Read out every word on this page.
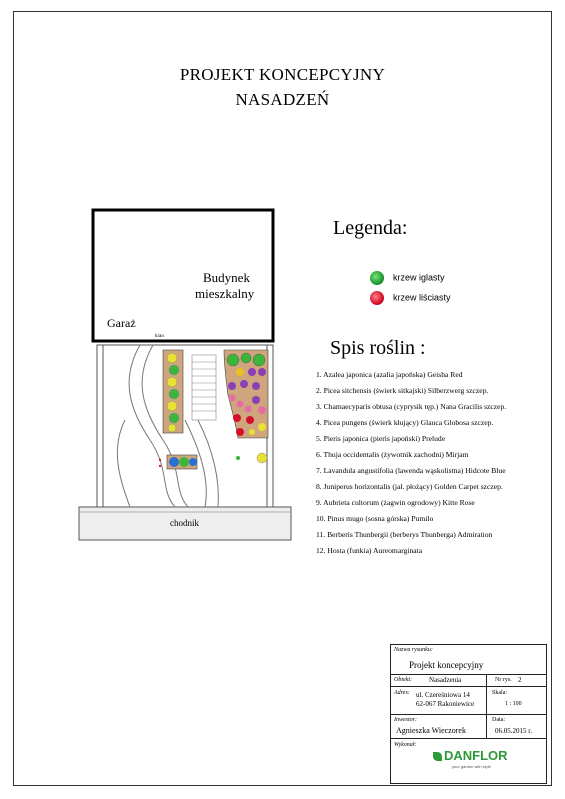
PROJEKT KONCEPCYJNY
NASADZEŃ
Budynek
mieszkalny
Garaż
kran
chodnik
Legenda:
krzew iglasty
krzew liściasty
Spis roślin :
1. Azalea japonica (azalia japońska) Geisha Red
2. Picea sitchensis (świerk sitkajski) Silberzwerg szczep.
3. Chamaecyparis obtusa (cyprysik tęp.) Nana Gracilis szczep.
4. Picea pungens (świerk kłujący) Glauca Globosa szczep.
5. Pieris japonica (pieris japoński) Prelude
6. Thuja occidentalis (żywotnik zachodni) Mirjam
7. Lavandula angustifolia (lawenda wąskolistna) Hidcote Blue
8. Juniperus horizontalis (jał. płożący) Golden Carpet szczep.
9. Aubrieta cultorum (żagwin ogrodowy) Kitte Rose
10. Pinus mugo (sosna górska) Pumilo
11. Berberis Thunbergii (berberys Thunberga) Admiration
12. Hosta (funkia) Aureomarginata
Nazwa rysunku:
Projekt koncepcyjny
Obiekt: Nasadzenia	Nr rys. 2
Adres: ul. Czereśniowa 14
62-067 Rakoniewice
Skala:
1 : 100
Inwestor:
Agnieszka Wieczorek
Data:
06.05.2015 r.
Wykonał:
DANFLOR
your garden with style
